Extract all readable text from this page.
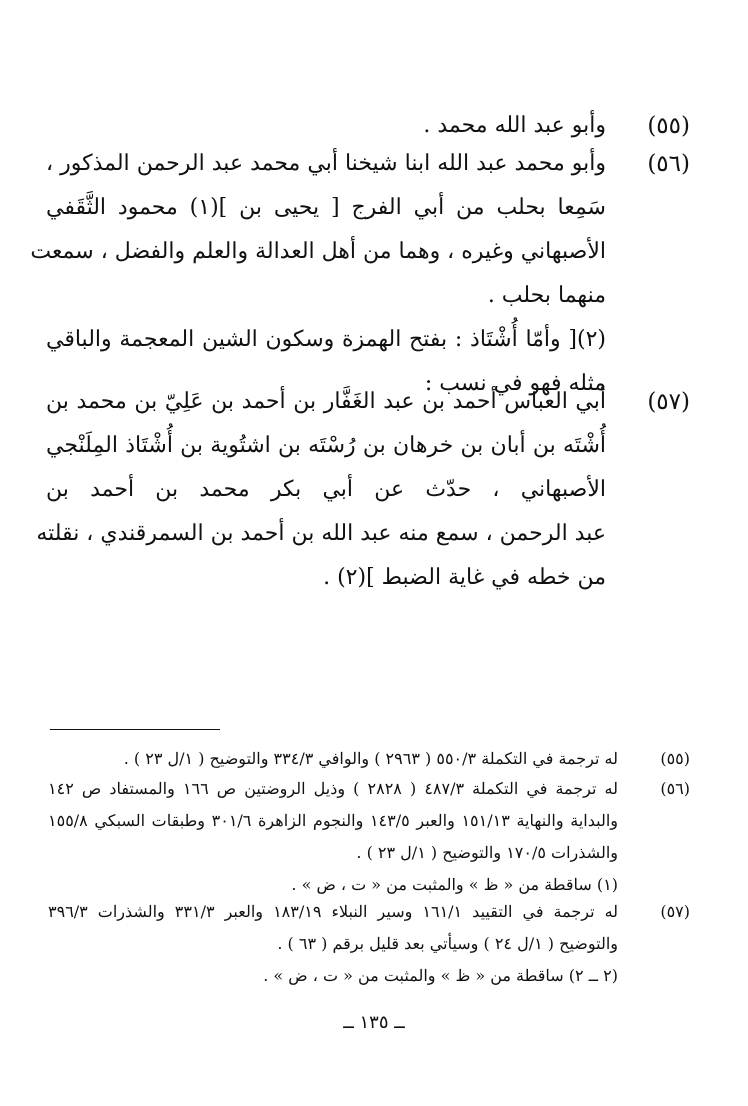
(٥٥)
وأبو عبد الله محمد .
(٥٦)
وأبو محمد عبد الله ابنا شيخنا أبي محمد عبد الرحمن المذكور ،
سَمِعا بحلب من أبي الفرج [ يحيى بن ](١) محمود الثَّقَفي
الأصبهاني وغيره ، وهما من أهل العدالة والعلم والفضل ، سمعت
منهما بحلب .
(٢)[ وأمّا أُشْتَاذ : بفتح الهمزة وسكون الشين المعجمة والباقي
مثله فهو في نسب :
(٥٧)
أبي العباس أحمد بن عبد الغَفَّار بن أحمد بن عَلِيّ بن محمد بن
أُشْتَه بن أبان بن خرهان بن رُسْتَه بن اشتُوية بن أُشْتَاذ المِلَنْجي
الأصبهاني ، حدّث عن أبي بكر محمد بن أحمد بن
عبد الرحمن ، سمع منه عبد الله بن أحمد بن السمرقندي ، نقلته
من خطه في غاية الضبط ](٢) .
(٥٥)
له ترجمة في التكملة ٥٥٠/٣ ( ٢٩٦٣ ) والوافي ٣٣٤/٣ والتوضيح ( ١/ل ٢٣ ) .
(٥٦)
له ترجمة في التكملة ٤٨٧/٣ ( ٢٨٢٨ ) وذيل الروضتين ص ١٦٦ والمستفاد ص ١٤٢
والبداية والنهاية ١٥١/١٣ والعبر ١٤٣/٥ والنجوم الزاهرة ٣٠١/٦ وطبقات السبكي ١٥٥/٨
والشذرات ١٧٠/٥ والتوضيح ( ١/ل ٢٣ ) .
(١) ساقطة من « ظ » والمثبت من « ت ، ض » .
(٥٧)
له ترجمة في التقييد ١٦١/١ وسير النبلاء ١٨٣/١٩ والعبر ٣٣١/٣ والشذرات ٣٩٦/٣
والتوضيح ( ١/ل ٢٤ ) وسيأتي بعد قليل برقم ( ٦٣ ) .
(٢ ــ ٢) ساقطة من « ظ » والمثبت من « ت ، ض » .
ــ ١٣٥ ــ
